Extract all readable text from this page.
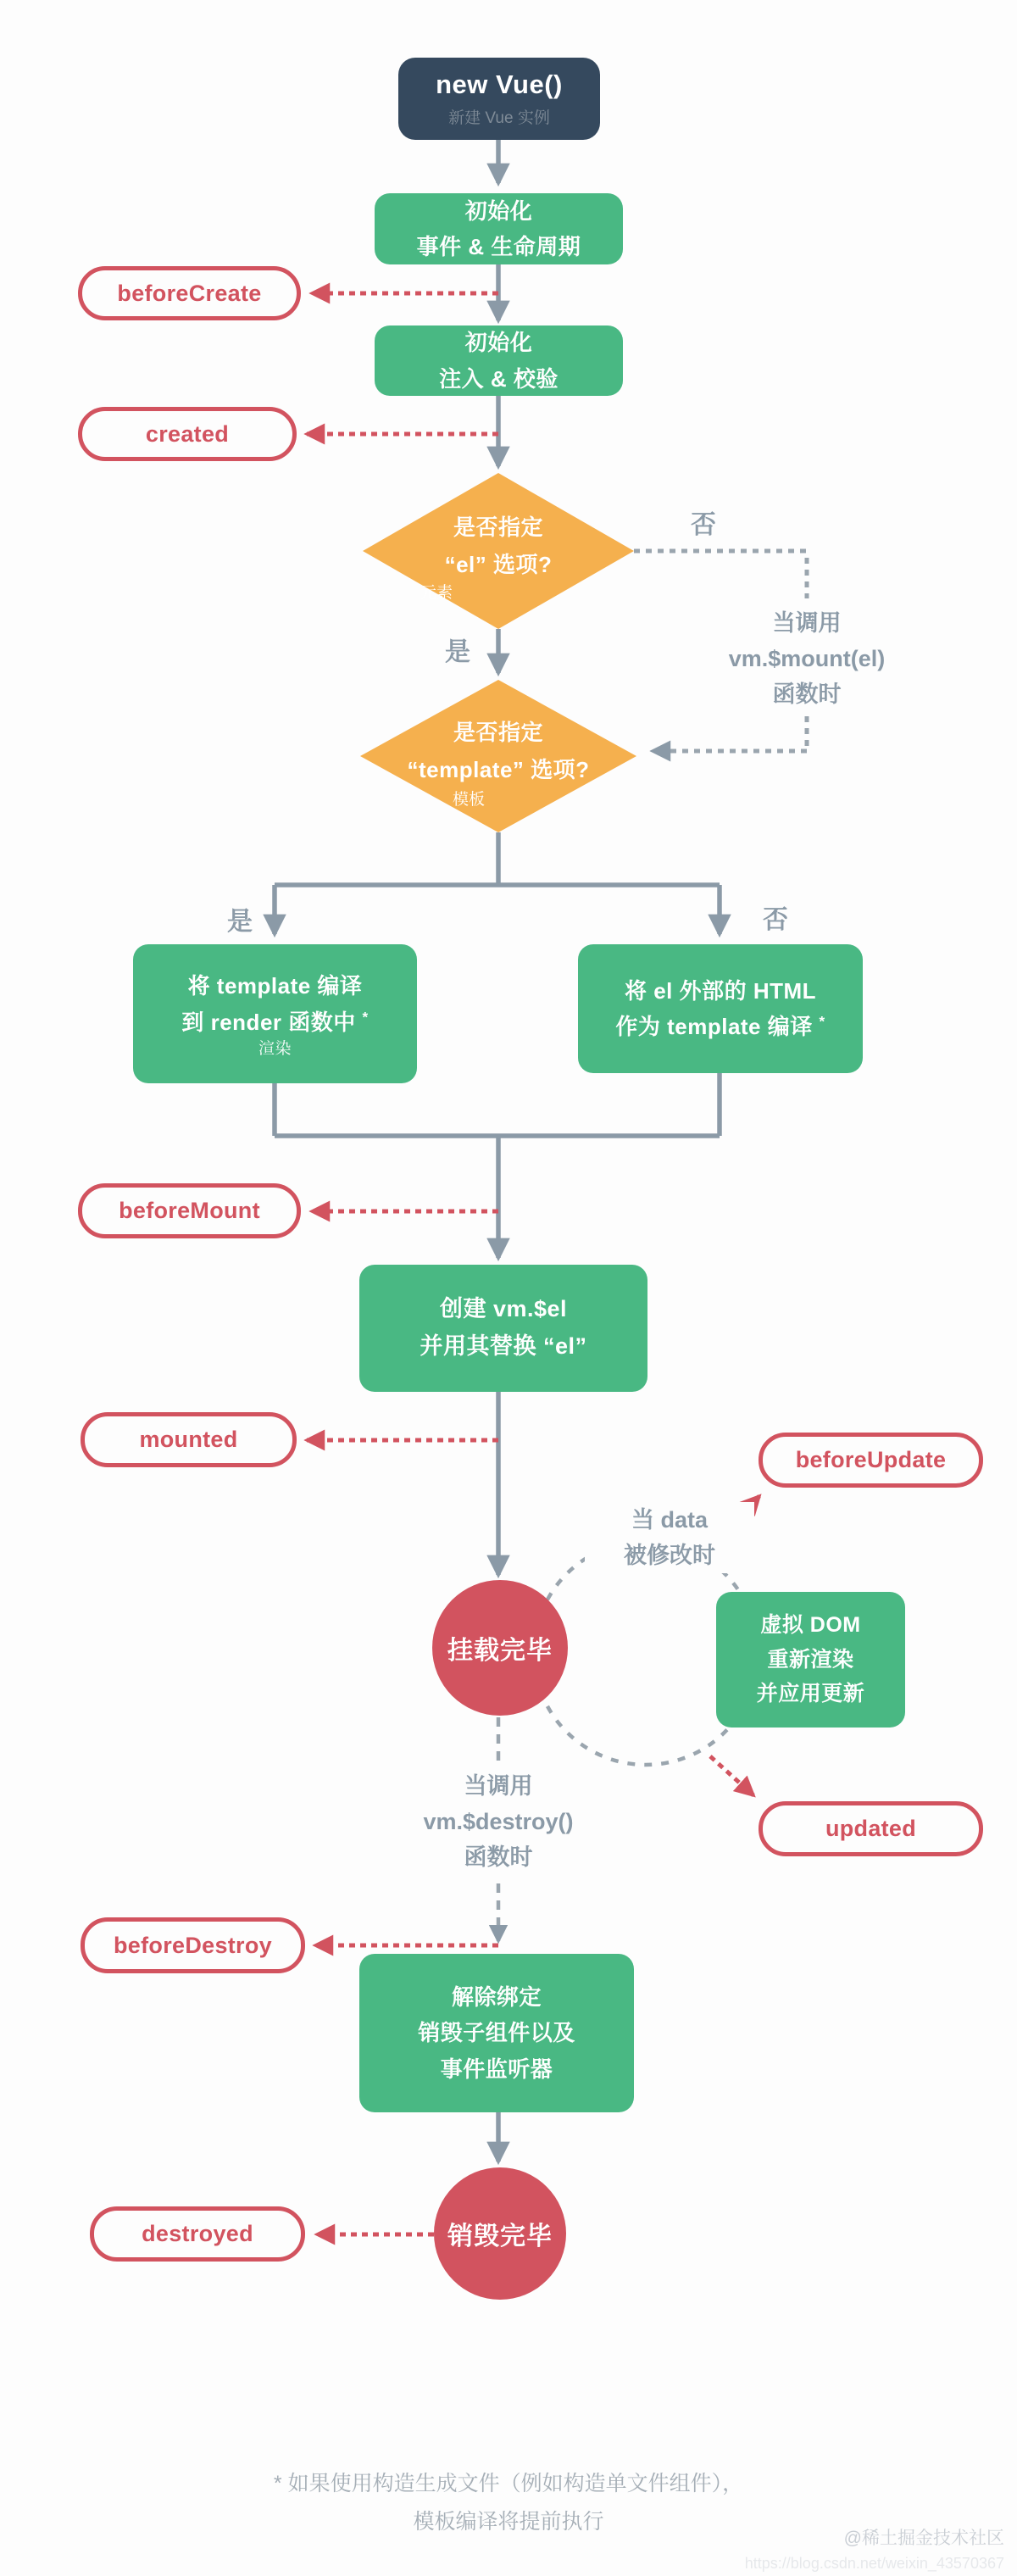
new Vue()
新建 Vue 实例
初始化
事件 & 生命周期
beforeCreate
初始化
注入 & 校验
created
是否指定
“el” 选项?
元素
否
当调用
vm.$mount(el)
函数时
是
是否指定
“template” 选项?
模板
是	否
将 template 编译
到 render 函数中 *
渲染
将 el 外部的 HTML
作为 template 编译 *
beforeMount
创建 vm.$el
并用其替换 “el”
mounted
beforeUpdate
当 data
被修改时
挂载完毕
虚拟 DOM
重新渲染
并应用更新
updated
当调用
vm.$destroy()
函数时
beforeDestroy
解除绑定
销毁子组件以及
事件监听器
销毁完毕
destroyed
* 如果使用构造生成文件（例如构造单文件组件），
模板编译将提前执行
@稀土掘金技术社区
https://blog.csdn.net/weixin_43570367
